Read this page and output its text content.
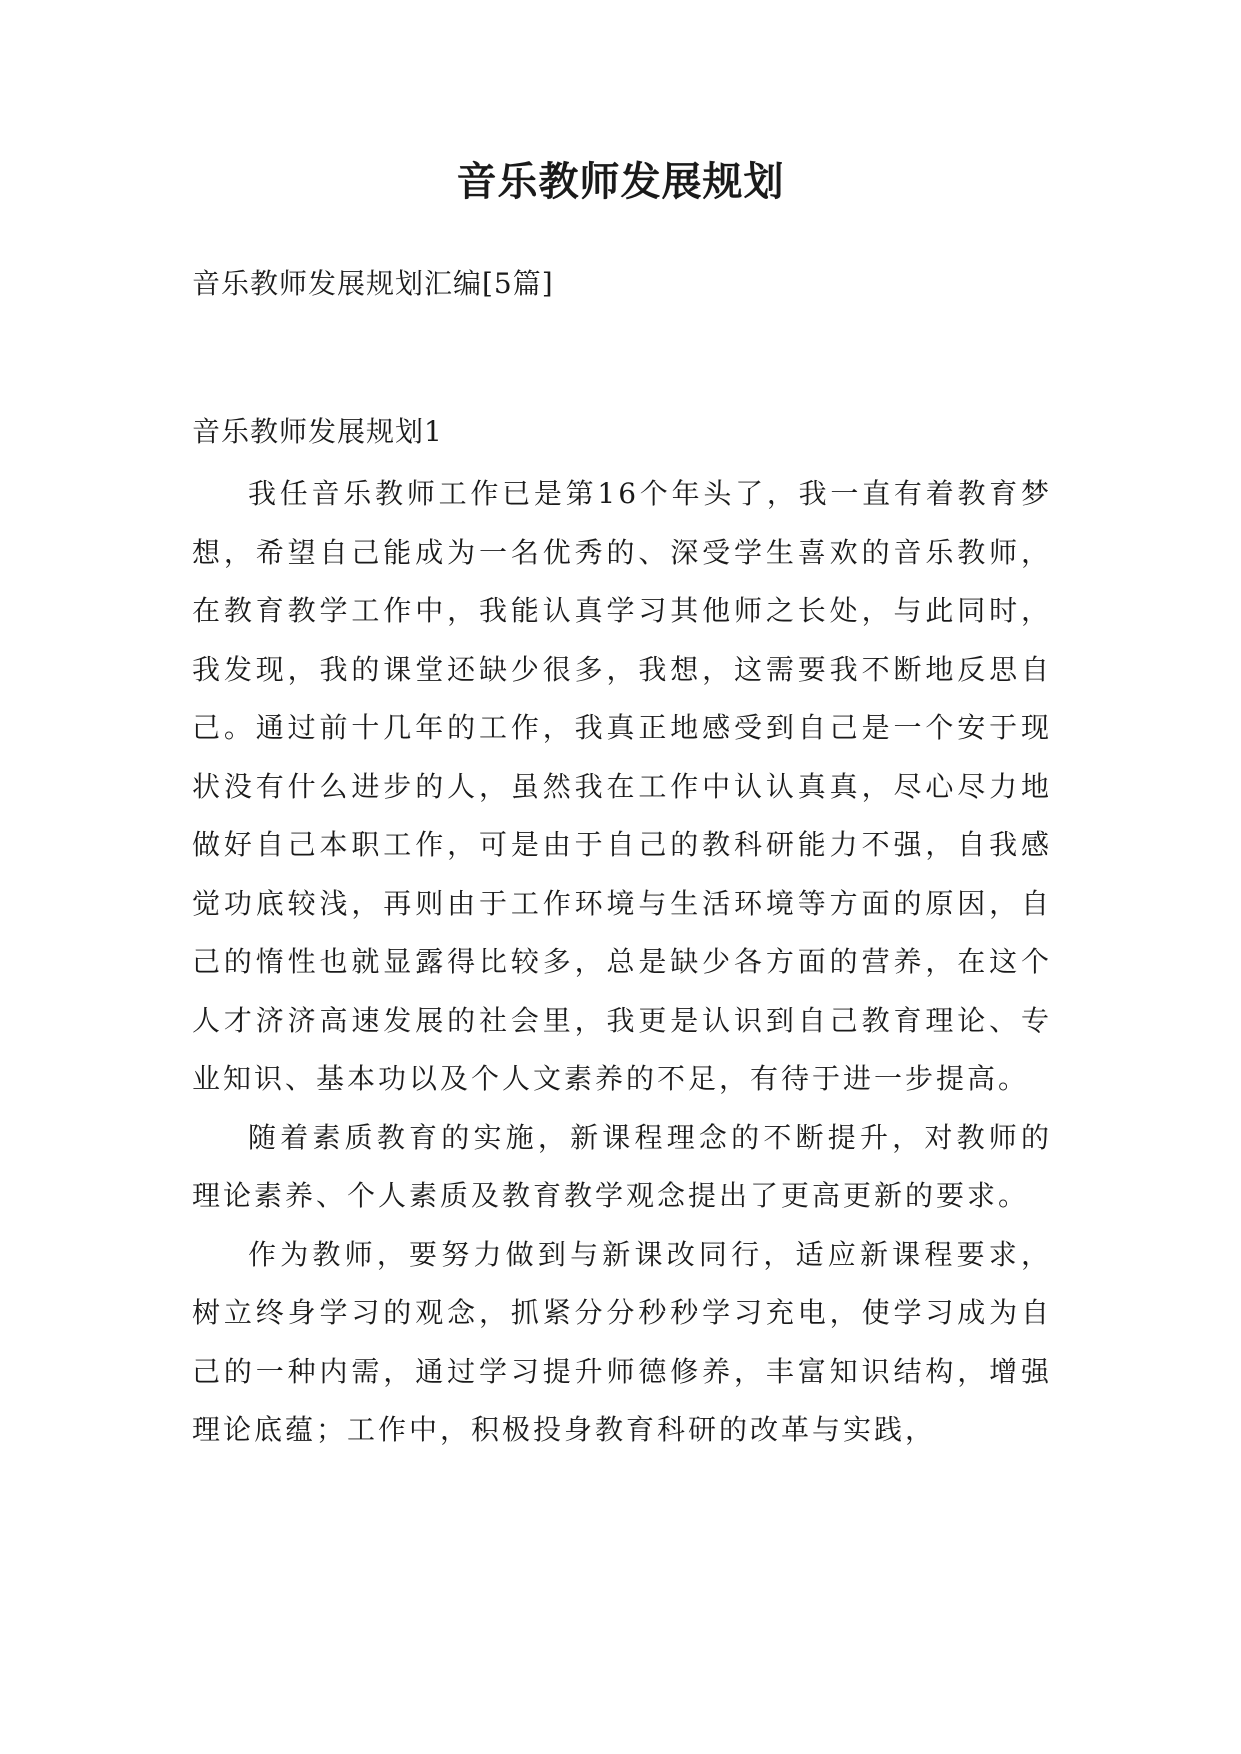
音乐教师发展规划
音乐教师发展规划汇编[5篇]
音乐教师发展规划1

我任音乐教师工作已是第16个年头了，我一直有着教育梦想，希望自己能成为一名优秀的、深受学生喜欢的音乐教师，在教育教学工作中，我能认真学习其他师之长处，与此同时，我发现，我的课堂还缺少很多，我想，这需要我不断地反思自己。通过前十几年的工作，我真正地感受到自己是一个安于现状没有什么进步的人，虽然我在工作中认认真真，尽心尽力地做好自己本职工作，可是由于自己的教科研能力不强，自我感觉功底较浅，再则由于工作环境与生活环境等方面的原因，自己的惰性也就显露得比较多，总是缺少各方面的营养，在这个人才济济高速发展的社会里，我更是认识到自己教育理论、专业知识、基本功以及个人文素养的不足，有待于进一步提高。

随着素质教育的实施，新课程理念的不断提升，对教师的理论素养、个人素质及教育教学观念提出了更高更新的要求。

作为教师，要努力做到与新课改同行，适应新课程要求，树立终身学习的观念，抓紧分分秒秒学习充电，使学习成为自己的一种内需，通过学习提升师德修养，丰富知识结构，增强理论底蕴；工作中，积极投身教育科研的改革与实践，
